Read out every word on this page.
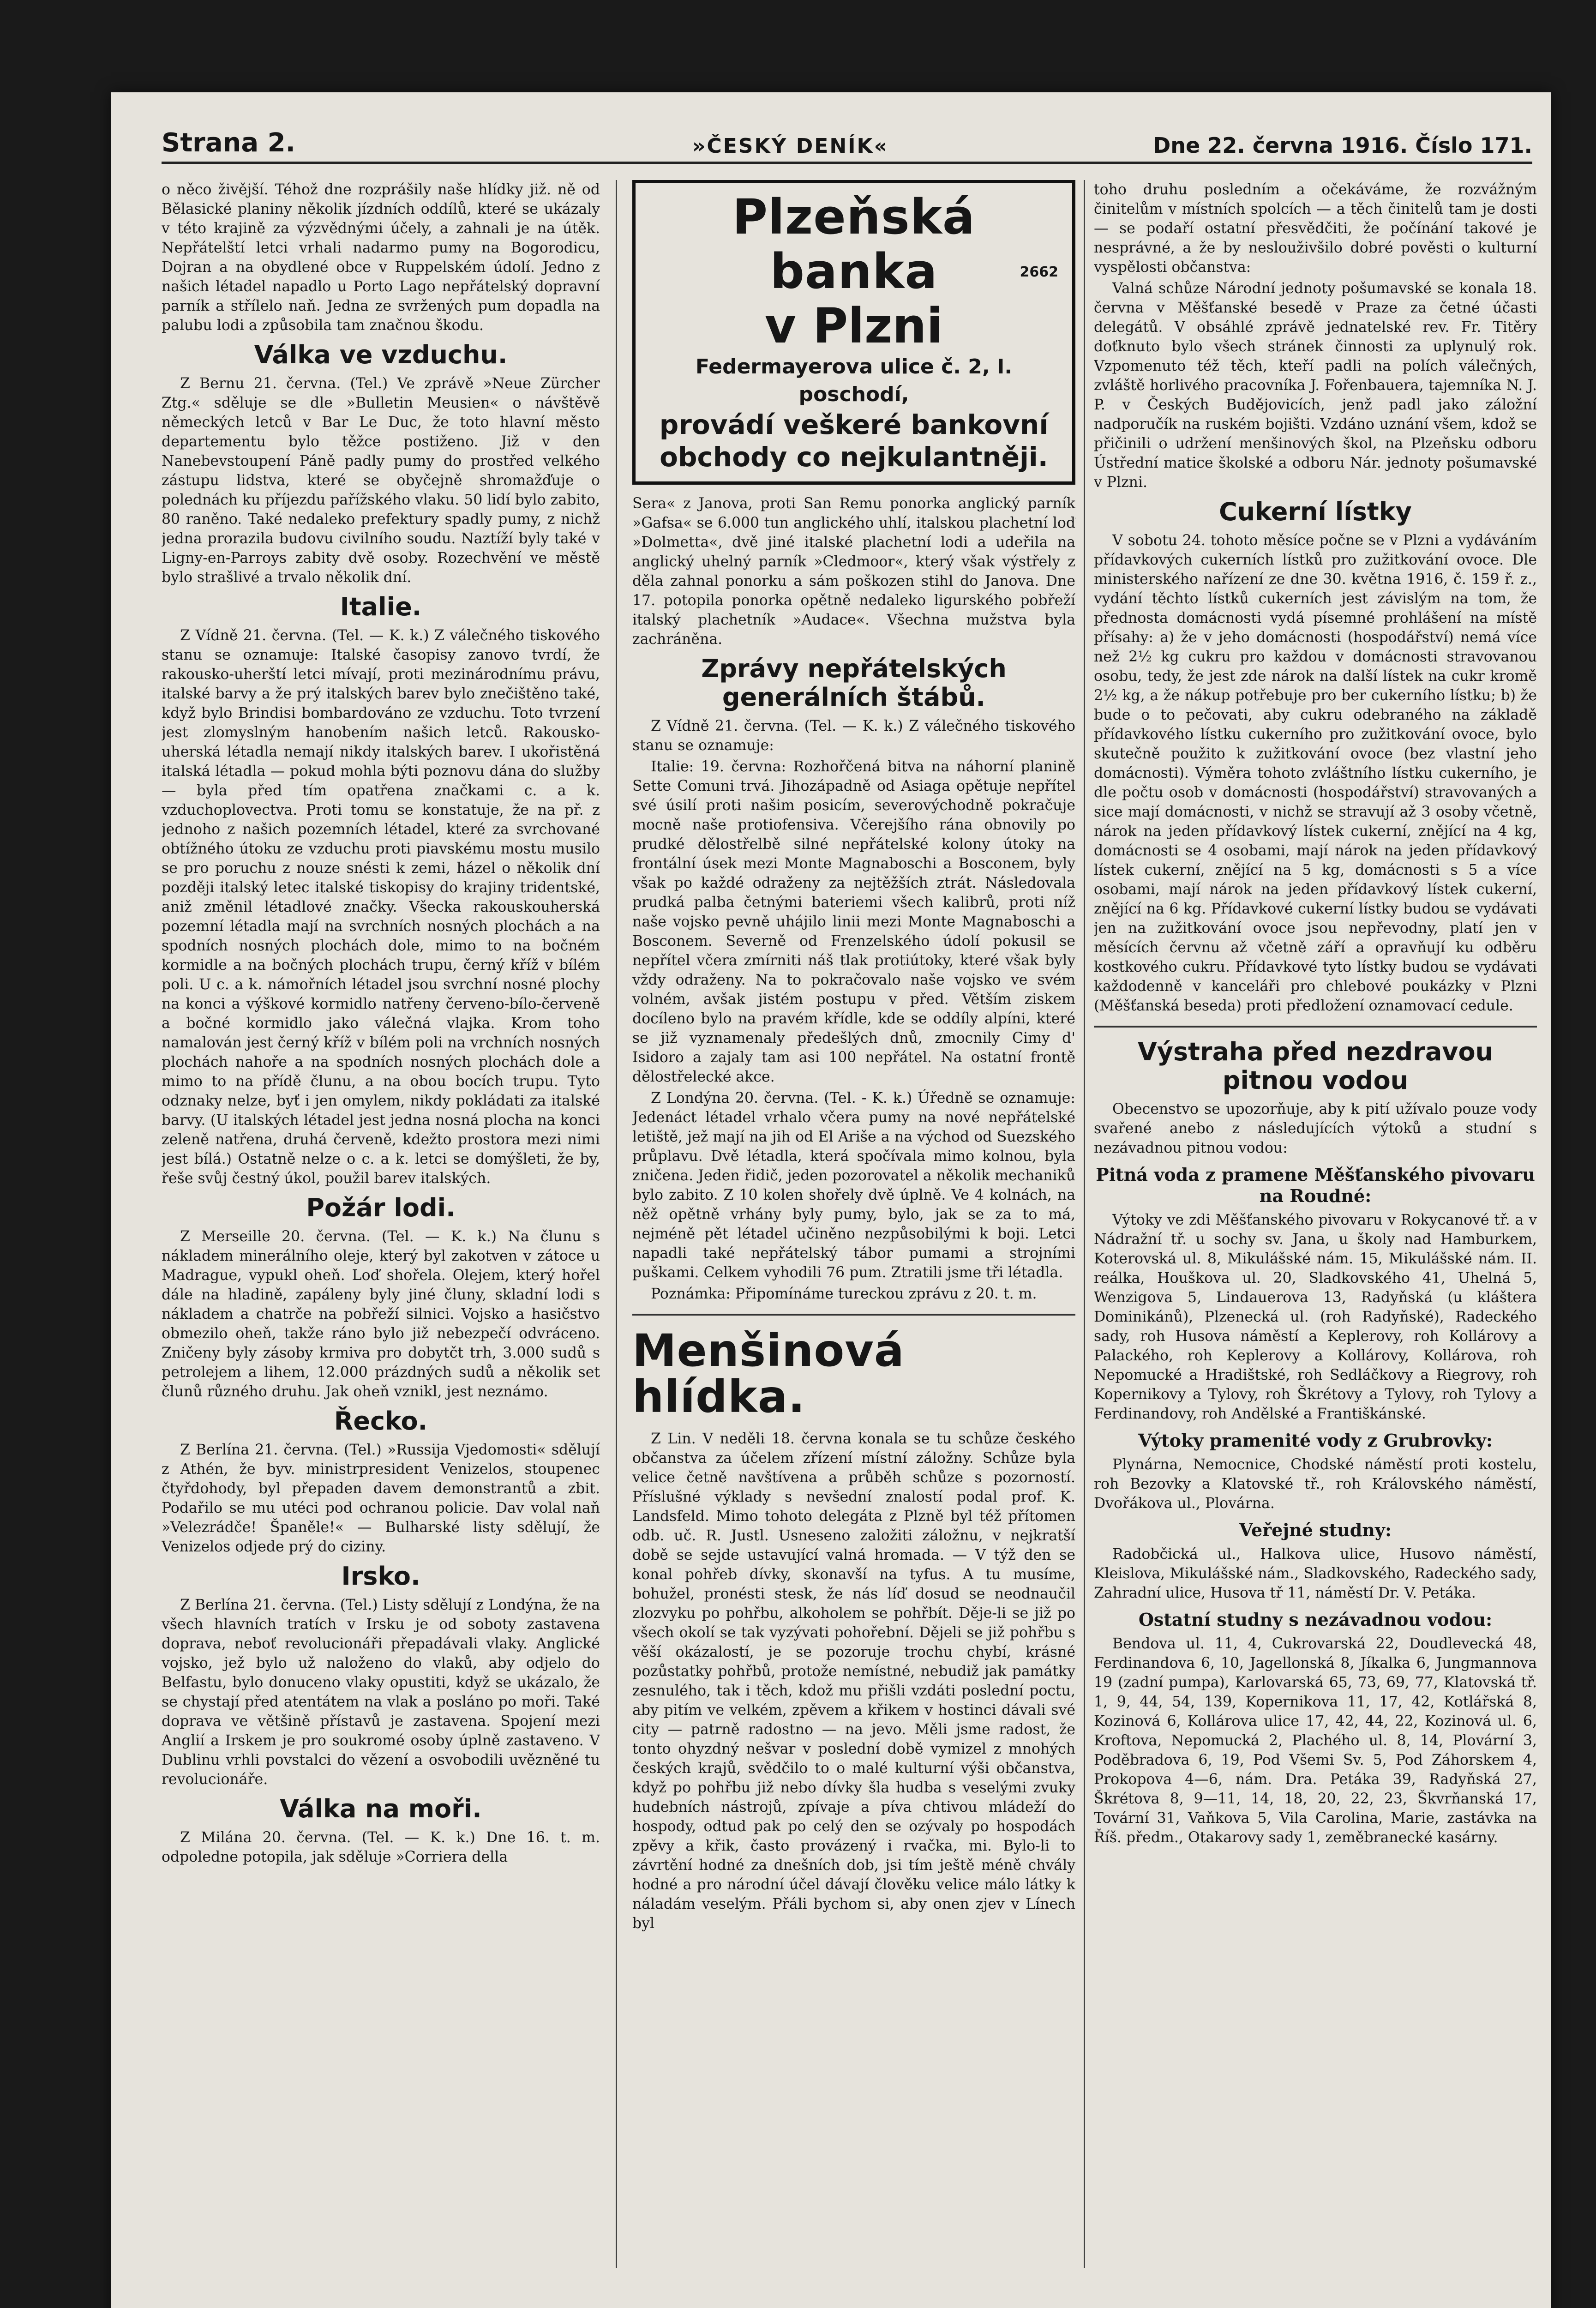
Strana 2.	»ČESKÝ DENÍK«	Dne 22. června 1916. Číslo 171.

o něco živější. Téhož dne rozprášily naše hlídky již. ně od Bělasické planiny několik jízdních oddílů, které se ukázaly v této krajině za výzvědnými účely, a zahnali je na útěk. Nepřátelští letci vrhali nadarmo pumy na Bogorodicu, Dojran a na obydlené obce v Ruppelském údolí. Jedno z našich létadel napadlo u Porto Lago nepřátelský dopravní parník a střílelo naň. Jedna ze svržených pum dopadla na palubu lodi a způsobila tam značnou škodu.

Válka ve vzduchu.

Z Bernu 21. června. (Tel.) Ve zprávě »Neue Zürcher Ztg.« sděluje se dle »Bulletin Meusien« o návštěvě německých letců v Bar Le Duc, že toto hlavní město departementu bylo těžce postiženo. Již v den Nanebevstoupení Páně padly pumy do prostřed velkého zástupu lidstva, které se obyčejně shromažďuje o polednách ku příjezdu pařížského vlaku. 50 lidí bylo zabito, 80 raněno. Také nedaleko prefektury spadly pumy, z nichž jedna prorazila budovu civilního soudu. Naztíží byly také v Ligny-en-Parroys zabity dvě osoby. Rozechvění ve městě bylo strašlivé a trvalo několik dní.

Italie.

Z Vídně 21. června. (Tel. — K. k.) Z válečného tiskového stanu se oznamuje: Italské časopisy zanovo tvrdí, že rakousko-uherští letci mívají, proti mezinárodnímu právu, italské barvy a že prý italských barev bylo znečištěno také, když bylo Brindisi bombardováno ze vzduchu. Toto tvrzení jest zlomyslným hanobením našich letců. Rakousko-uherská létadla nemají nikdy italských barev. I ukořistěná italská létadla — pokud mohla býti poznovu dána do služby — byla před tím opatřena značkami c. a k. vzduchoplovectva. Proti tomu se konstatuje, že na př. z jednoho z našich pozemních létadel, které za svrchované obtížného útoku ze vzduchu proti piavskému mostu musilo se pro poruchu z nouze snésti k zemi, házel o několik dní později italský letec italské tiskopisy do krajiny tridentské, aniž změnil létadlové značky. Všecka rakouskouherská pozemní létadla mají na svrchních nosných plochách a na spodních nosných plochách dole, mimo to na bočném kormidle a na bočných plochách trupu, černý kříž v bílém poli. U c. a k. námořních létadel jsou svrchní nosné plochy na konci a výškové kormidlo natřeny červeno-bílo-červeně a bočné kormidlo jako válečná vlajka. Krom toho namalován jest černý kříž v bílém poli na vrchních nosných plochách nahoře a na spodních nosných plochách dole a mimo to na přídě člunu, a na obou bocích trupu. Tyto odznaky nelze, byť i jen omylem, nikdy pokládati za italské barvy. (U italských létadel jest jedna nosná plocha na konci zeleně natřena, druhá červeně, kdežto prostora mezi nimi jest bílá.) Ostatně nelze o c. a k. letci se domýšleti, že by, řeše svůj čestný úkol, použil barev italských.

Požár lodi.

Z Merseille 20. června. (Tel. — K. k.) Na člunu s nákladem minerálního oleje, který byl zakotven v zátoce u Madrague, vypukl oheň. Loď shořela. Olejem, který hořel dále na hladině, zapáleny byly jiné čluny, skladní lodi s nákladem a chatrče na pobřeží silnici. Vojsko a hasičstvo obmezilo oheň, takže ráno bylo již nebezpečí odvráceno. Zničeny byly zásoby krmiva pro dobytčt trh, 3.000 sudů s petrolejem a lihem, 12.000 prázdných sudů a několik set člunů různého druhu. Jak oheň vznikl, jest neznámo.

Řecko.

Z Berlína 21. června. (Tel.) »Russija Vjedomosti« sdělují z Athén, že byv. ministrpresident Venizelos, stoupenec čtyřdohody, byl přepaden davem demonstrantů a zbit. Podařilo se mu utéci pod ochranou policie. Dav volal naň »Velezrádče! Španěle!« — Bulharské listy sdělují, že Venizelos odjede prý do ciziny.

Irsko.

Z Berlína 21. června. (Tel.) Listy sdělují z Londýna, že na všech hlavních tratích v Irsku je od soboty zastavena doprava, neboť revolucionáři přepadávali vlaky. Anglické vojsko, jež bylo už naloženo do vlaků, aby odjelo do Belfastu, bylo donuceno vlaky opustiti, když se ukázalo, že se chystají před atentátem na vlak a posláno po moři. Také doprava ve většině přístavů je zastavena. Spojení mezi Anglií a Irskem je pro soukromé osoby úplně zastaveno. V Dublinu vrhli povstalci do vězení a osvobodili uvězněné tu revolucionáře.

Válka na moři.

Z Milána 20. června. (Tel. — K. k.) Dne 16. t. m. odpoledne potopila, jak sděluje »Corriera della

Plzeňská banka
v Plzni
2662
Federmayerova ulice č. 2, I. poschodí,
provádí veškeré bankovní
obchody co nejkulantněji.

Sera« z Janova, proti San Remu ponorka anglický parník »Gafsa« se 6.000 tun anglického uhlí, italskou plachetní loď »Dolmetta«, dvě jiné italské plachetní lodi a udeřila na anglický uhelný parník »Cledmoor«, který však výstřely z děla zahnal ponorku a sám poškozen stihl do Janova. Dne 17. potopila ponorka opětně nedaleko ligurského pobřeží italský plachetník »Audace«. Všechna mužstva byla zachráněna.

Zprávy nepřátelských generálních štábů.

Z Vídně 21. června. (Tel. — K. k.) Z válečného tiskového stanu se oznamuje:

Italie: 19. června: Rozhořčená bitva na náhorní planině Sette Comuni trvá. Jihozápadně od Asiaga opětuje nepřítel své úsilí proti našim posicím, severovýchodně pokračuje mocně naše protiofensiva. Včerejšího rána obnovily po prudké dělostřelbě silné nepřátelské kolony útoky na frontální úsek mezi Monte Magnaboschi a Bosconem, byly však po každé odraženy za nejtěžších ztrát. Následovala prudká palba četnými bateriemi všech kalibrů, proti níž naše vojsko pevně uhájilo linii mezi Monte Magnaboschi a Bosconem. Severně od Frenzelského údolí pokusil se nepřítel včera zmírniti náš tlak protiútoky, které však byly vždy odraženy. Na to pokračovalo naše vojsko ve svém volném, avšak jistém postupu v před. Větším ziskem docíleno bylo na pravém křídle, kde se oddíly alpíni, které se již vyznamenaly předešlých dnů, zmocnily Cimy d' Isidoro a zajaly tam asi 100 nepřátel. Na ostatní frontě dělostřelecké akce.

Z Londýna 20. června. (Tel. - K. k.) Úředně se oznamuje: Jedenáct létadel vrhalo včera pumy na nové nepřátelské letiště, jež mají na jih od El Ariše a na východ od Suezského průplavu. Dvě létadla, která spočívala mimo kolnou, byla zničena. Jeden řidič, jeden pozorovatel a několik mechaniků bylo zabito. Z 10 kolen shořely dvě úplně. Ve 4 kolnách, na něž opětně vrhány byly pumy, bylo, jak se za to má, nejméně pět létadel učiněno nezpůsobilými k boji. Letci napadli také nepřátelský tábor pumami a strojními puškami. Celkem vyhodili 76 pum. Ztratili jsme tři létadla.

Poznámka: Připomínáme tureckou zprávu z 20. t. m.

Menšinová hlídka.

Z Lin. V neděli 18. června konala se tu schůze českého občanstva za účelem zřízení místní záložny. Schůze byla velice četně navštívena a průběh schůze s pozorností. Příslušné výklady s nevšední znalostí podal prof. K. Landsfeld. Mimo tohoto delegáta z Plzně byl též přítomen odb. uč. R. Justl. Usneseno založiti záložnu, v nejkratší době se sejde ustavující valná hromada. — V týž den se konal pohřeb dívky, skonavší na tyfus. A tu musíme, bohužel, pronésti stesk, že nás líď dosud se neodnaučil zlozvyku po pohřbu, alkoholem se pohřbít. Děje-li se již po všech okolí se tak vyzývati pohořební. Dějeli se již pohřbu s věší okázalostí, je se pozoruje trochu chybí, krásné pozůstatky pohřbů, protože nemístné, nebudiž jak památky zesnulého, tak i těch, kdož mu přišli vzdáti poslední poctu, aby pitím ve velkém, zpěvem a křikem v hostinci dávali své city — patrně radostno — na jevo. Měli jsme radost, že tonto ohyzdný nešvar v poslední době vymizel z mnohých českých krajů, svědčilo to o malé kulturní výši občanstva, když po pohřbu již nebo dívky šla hudba s veselými zvuky hudebních nástrojů, zpívaje a píva chtivou mládeží do hospody, odtud pak po celý den se ozývaly po hospodách zpěvy a křik, často provázený i rvačka, mi. Bylo-li to závrtění hodné za dnešních dob, jsi tím ještě méně chvály hodné a pro národní účel dávají člověku velice málo látky k náladám veselým. Přáli bychom si, aby onen zjev v Línech byl

toho druhu posledním a očekáváme, že rozvážným činitelům v místních spolcích — a těch činitelů tam je dosti — se podaří ostatní přesvědčiti, že počínání takové je nesprávné, a že by neslouživšilo dobré pověsti o kulturní vyspělosti občanstva:

Valná schůze Národní jednoty pošumavské se konala 18. června v Měšťanské besedě v Praze za četné účasti delegátů. V obsáhlé zprávě jednatelské rev. Fr. Titěry doťknuto bylo všech stránek činnosti za uplynulý rok. Vzpomenuto též těch, kteří padli na polích válečných, zvláště horlivého pracovníka J. Fořenbauera, tajemníka N. J. P. v Českých Budějovicích, jenž padl jako záložní nadporučík na ruském bojišti. Vzdáno uznání všem, kdož se přičinili o udržení menšinových škol, na Plzeňsku odboru Ústřední matice školské a odboru Nár. jednoty pošumavské v Plzni.

Cukerní lístky

V sobotu 24. tohoto měsíce počne se v Plzni a vydáváním přídavkových cukerních lístků pro zužitkování ovoce. Dle ministerského nařízení ze dne 30. května 1916, č. 159 ř. z., vydání těchto lístků cukerních jest závislým na tom, že přednosta domácnosti vydá písemné prohlášení na místě přísahy: a) že v jeho domácnosti (hospodářství) nemá více než 2½ kg cukru pro každou v domácnosti stravovanou osobu, tedy, že jest zde nárok na další lístek na cukr kromě 2½ kg, a že nákup potřebuje pro ber cukerního lístku; b) že bude o to pečovati, aby cukru odebraného na základě přídavkového lístku cukerního pro zužitkování ovoce, bylo skutečně použito k zužitkování ovoce (bez vlastní jeho domácnosti). Výměra tohoto zvláštního lístku cukerního, je dle počtu osob v domácnosti (hospodářství) stravovaných a sice mají domácnosti, v nichž se stravují až 3 osoby včetně, nárok na jeden přídavkový lístek cukerní, znějící na 4 kg, domácnosti se 4 osobami, mají nárok na jeden přídavkový lístek cukerní, znějící na 5 kg, domácnosti s 5 a více osobami, mají nárok na jeden přídavkový lístek cukerní, znějící na 6 kg. Přídavkové cukerní lístky budou se vydávati jen na zužitkování ovoce jsou nepřevodny, platí jen v měsících červnu až včetně září a opravňují ku odběru kostkového cukru. Přídavkové tyto lístky budou se vydávati každodenně v kanceláři pro chlebové poukázky v Plzni (Měšťanská beseda) proti předložení oznamovací cedule.

Výstraha před nezdravou pitnou vodou

Obecenstvo se upozorňuje, aby k pití užívalo pouze vody svařené anebo z následujících výtoků a studní s nezávadnou pitnou vodou:

Pitná voda z pramene Měšťanského pivovaru na Roudné:

Výtoky ve zdi Měšťanského pivovaru v Rokycanové tř. a v Nádražní tř. u sochy sv. Jana, u školy nad Hamburkem, Koterovská ul. 8, Mikulášské nám. 15, Mikulášské nám. II. reálka, Houškova ul. 20, Sladkovského 41, Uhelná 5, Wenzigova 5, Lindauerova 13, Radyňská (u kláštera Dominikánů), Plzenecká ul. (roh Radyňské), Radeckého sady, roh Husova náměstí a Keplerovy, roh Kollárovy a Palackého, roh Keplerovy a Kollárovy, Kollárova, roh Nepomucké a Hradištské, roh Sedláčkovy a Riegrovy, roh Kopernikovy a Tylovy, roh Škrétovy a Tylovy, roh Tylovy a Ferdinandovy, roh Andělské a Františkánské.

Výtoky pramenité vody z Grubrovky:

Plynárna, Nemocnice, Chodské náměstí proti kostelu, roh Bezovky a Klatovské tř., roh Královského náměstí, Dvořákova ul., Plovárna.

Veřejné studny:

Radobčická ul., Halkova ulice, Husovo náměstí, Kleislova, Mikulášské nám., Sladkovského, Radeckého sady, Zahradní ulice, Husova tř 11, náměstí Dr. V. Petáka.

Ostatní studny s nezávadnou vodou:

Bendova ul. 11, 4, Cukrovarská 22, Doudlevecká 48, Ferdinandova 6, 10, Jagellonská 8, Jíkalka 6, Jungmannova 19 (zadní pumpa), Karlovarská 65, 73, 69, 77, Klatovská tř. 1, 9, 44, 54, 139, Kopernikova 11, 17, 42, Kotlářská 8, Kozinová 6, Kollárova ulice 17, 42, 44, 22, Kozinová ul. 6, Kroftova, Nepomucká 2, Plachého ul. 8, 14, Plovární 3, Poděbradova 6, 19, Pod Všemi Sv. 5, Pod Záhorskem 4, Prokopova 4—6, nám. Dra. Petáka 39, Radyňská 27, Škrétova 8, 9—11, 14, 18, 20, 22, 23, Škvrňanská 17, Tovární 31, Vaňkova 5, Vila Carolina, Marie, zastávka na Říš. předm., Otakarovy sady 1, zeměbranecké kasárny.
